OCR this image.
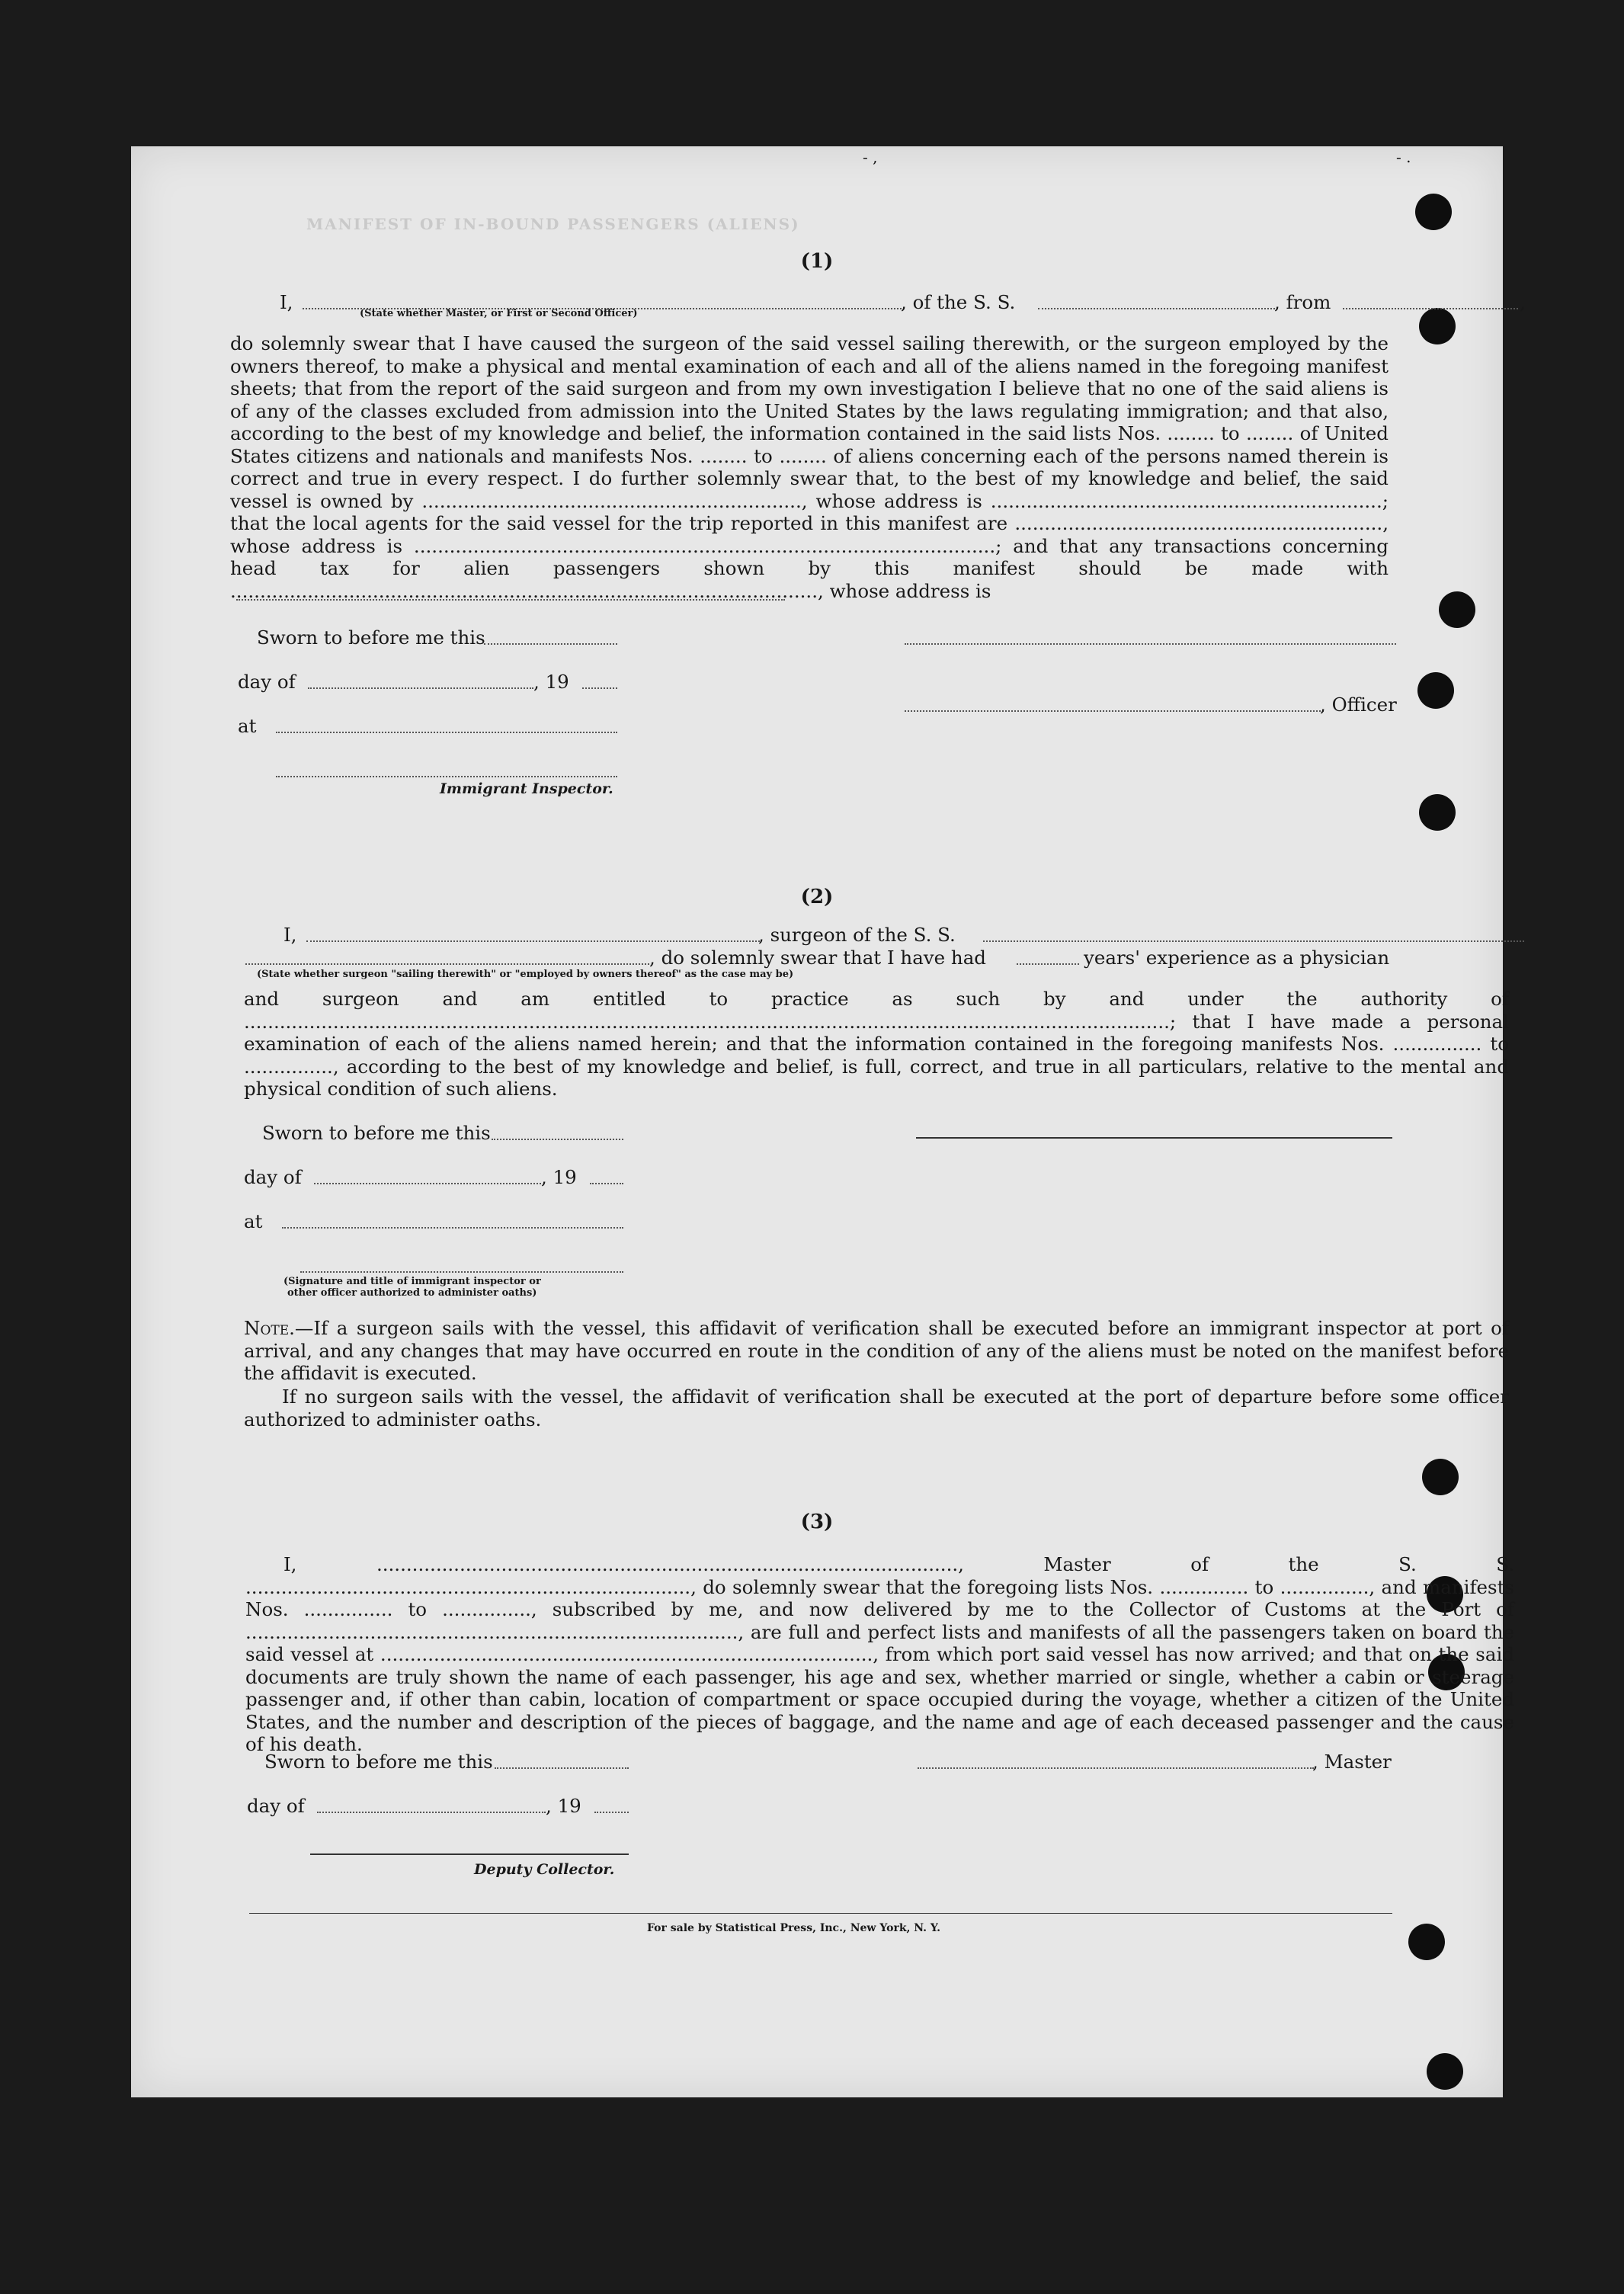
- ,	- .
MANIFEST OF IN-BOUND PASSENGERS (ALIENS)
(1)
I,	, of the S. S.	, from	,
(State whether Master, or First or Second Officer)

do solemnly swear that I have caused the surgeon of the said vessel sailing therewith, or the surgeon employed by the owners thereof, to make a physical and mental examination of each and all of the aliens named in the foregoing manifest sheets; that from the report of the said surgeon and from my own investigation I believe that no one of the said aliens is of any of the classes excluded from admission into the United States by the laws regulating immigration; and that also, according to the best of my knowledge and belief, the information contained in the said lists Nos. ........ to ........ of United States citizens and nationals and manifests Nos. ........ to ........ of aliens concerning each of the persons named therein is correct and true in every respect. I do further solemnly swear that, to the best of my knowledge and belief, the said vessel is owned by ................................................................, whose address is ..................................................................; that the local agents for the said vessel for the trip reported in this manifest are .............................................................., whose address is ..................................................................................................; and that any transactions concerning head tax for alien passengers shown by this manifest should be made with ..................................................................................................., whose address is

Sworn to before me this
day of	, 19
, Officer
at
Immigrant Inspector.
(2)
I,	, surgeon of the S. S.
, do solemnly swear that I have had	years' experience as a physician
(State whether surgeon "sailing therewith" or "employed by owners thereof" as the case may be)

and surgeon and am entitled to practice as such by and under the authority of ............................................................................................................................................................; that I have made a personal examination of each of the aliens named herein; and that the information contained in the foregoing manifests Nos. ............... to ..............., according to the best of my knowledge and belief, is full, correct, and true in all particulars, relative to the mental and physical condition of such aliens.

Sworn to before me this
day of	, 19
at
(Signature and title of immigrant inspector or
other officer authorized to administer oaths)

Note.—If a surgeon sails with the vessel, this affidavit of verification shall be executed before an immigrant inspector at port of arrival, and any changes that may have occurred en route in the condition of any of the aliens must be noted on the manifest before the affidavit is executed.

If no surgeon sails with the vessel, the affidavit of verification shall be executed at the port of departure before some officer authorized to administer oaths.

(3)

I, .................................................................................................., Master of the S. S. ..........................................................................., do solemnly swear that the foregoing lists Nos. ............... to ..............., and manifests Nos. ............... to ..............., subscribed by me, and now delivered by me to the Collector of Customs at the Port of ..................................................................................., are full and perfect lists and manifests of all the passengers taken on board the said vessel at ..................................................................................., from which port said vessel has now arrived; and that on the said documents are truly shown the name of each passenger, his age and sex, whether married or single, whether a cabin or steerage passenger and, if other than cabin, location of compartment or space occupied during the voyage, whether a citizen of the United States, and the number and description of the pieces of baggage, and the name and age of each deceased passenger and the cause of his death.

Sworn to before me this	, Master
day of	, 19
Deputy Collector.
For sale by Statistical Press, Inc., New York, N. Y.
